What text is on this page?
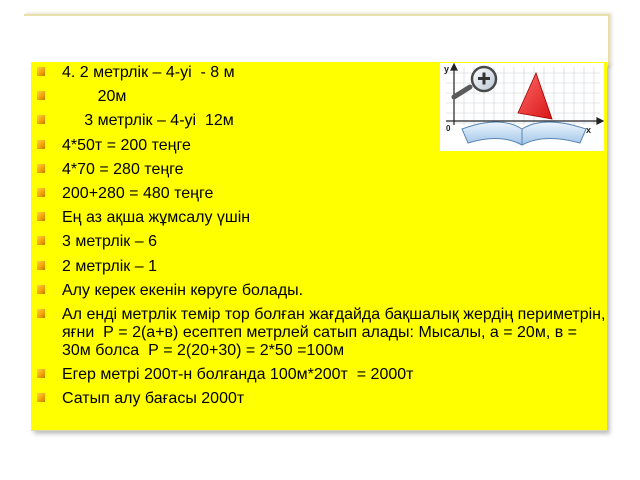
4. 2 метрлік – 4-уі  - 8 м
20м
3 метрлік – 4-уі  12м
4*50т = 200 теңге
4*70 = 280 теңге
200+280 = 480 теңге
Ең аз ақша жұмсалу үшін
3 метрлік – 6
2 метрлік – 1
Алу керек екенін көруге болады.
Ал енді метрлік темір тор болған жағдайда бақшалық жердің периметрін, яғни  Р = 2(а+в) есептеп метрлей сатып алады: Мысалы, а = 20м, в = 30м болса  Р = 2(20+30) = 2*50 =100м
Егер метрі 200т-н болғанда 100м*200т  = 2000т
Сатып алу бағасы 2000т
у
х
0
